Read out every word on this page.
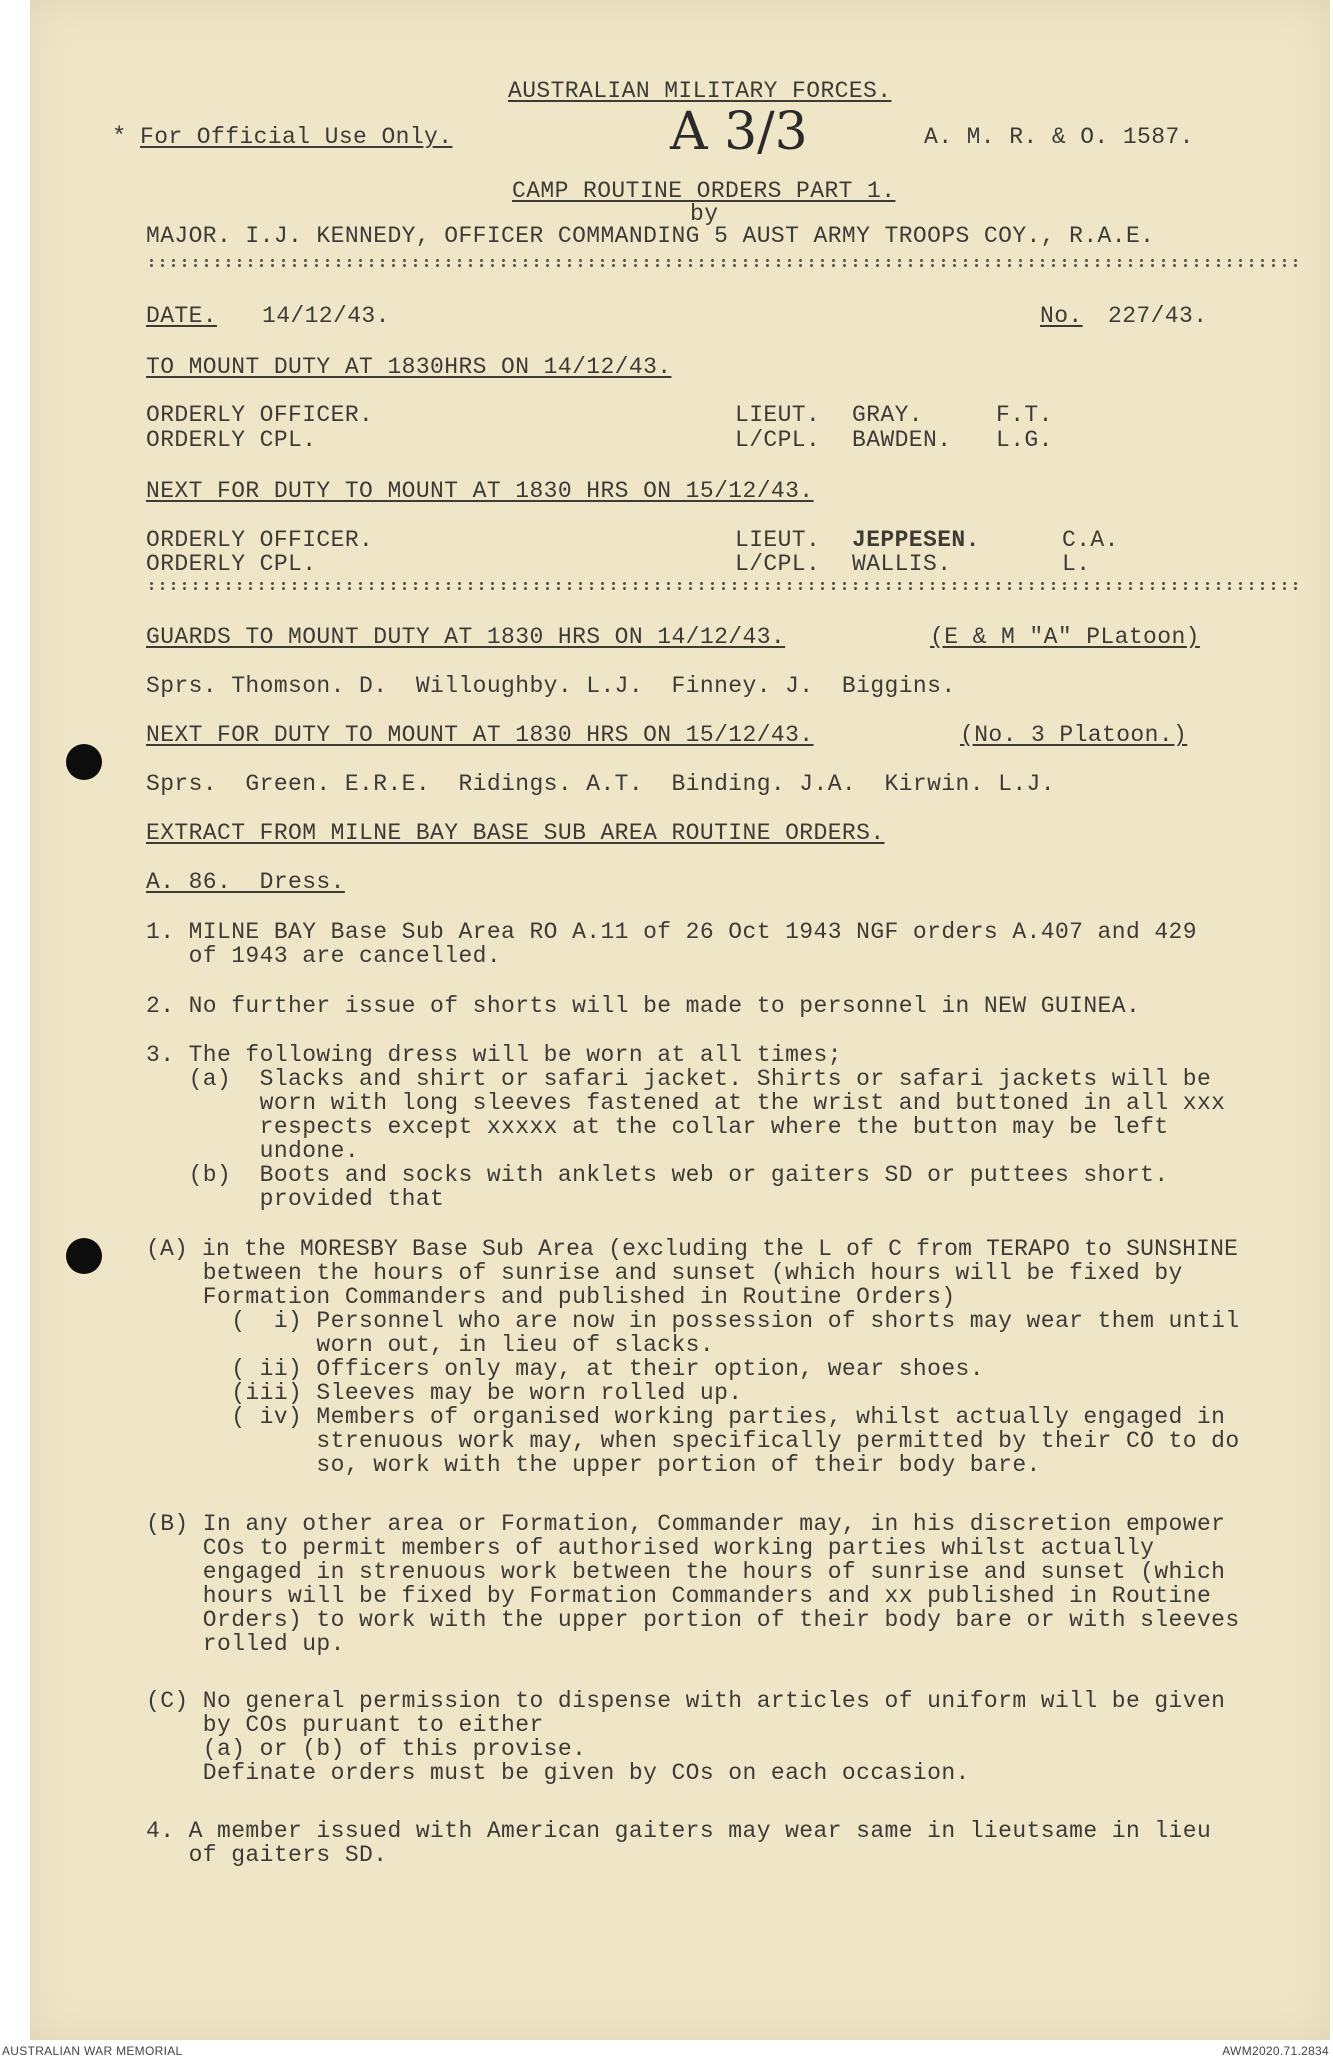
AUSTRALIAN MILITARY FORCES.
* For Official Use Only.	A 3/3	A. M. R. & O. 1587.
CAMP ROUTINE ORDERS PART 1.
by
MAJOR. I.J. KENNEDY, OFFICER COMMANDING 5 AUST ARMY TROOPS COY., R.A.E.
DATE. 14/12/43.	No. 227/43.
TO MOUNT DUTY AT 1830HRS ON 14/12/43.
ORDERLY OFFICER.	LIEUT. GRAY.	F.T.
ORDERLY CPL.	L/CPL. BAWDEN. L.G.
NEXT FOR DUTY TO MOUNT AT 1830 HRS ON 15/12/43.
ORDERLY OFFICER.	LIEUT. JEPPESEN.	C.A.
ORDERLY CPL.	L/CPL. WALLIS.	L.
GUARDS TO MOUNT DUTY AT 1830 HRS ON 14/12/43.	(E & M "A" PLatoon)
Sprs. Thomson. D.  Willoughby. L.J.  Finney. J.  Biggins.
NEXT FOR DUTY TO MOUNT AT 1830 HRS ON 15/12/43.	(No. 3 Platoon.)
Sprs.  Green. E.R.E.  Ridings. A.T.  Binding. J.A.  Kirwin. L.J.
EXTRACT FROM MILNE BAY BASE SUB AREA ROUTINE ORDERS.
A. 86.  Dress.
1. MILNE BAY Base Sub Area RO A.11 of 26 Oct 1943 NGF orders A.407 and 429
of 1943 are cancelled.
2. No further issue of shorts will be made to personnel in NEW GUINEA.
3. The following dress will be worn at all times;
(a)  Slacks and shirt or safari jacket. Shirts or safari jackets will be
worn with long sleeves fastened at the wrist and buttoned in all xxx
respects except xxxxx at the collar where the button may be left
undone.
(b)  Boots and socks with anklets web or gaiters SD or puttees short.
provided that
(A) in the MORESBY Base Sub Area (excluding the L of C from TERAPO to SUNSHINE
between the hours of sunrise and sunset (which hours will be fixed by
Formation Commanders and published in Routine Orders)
(  i) Personnel who are now in possession of shorts may wear them until
worn out, in lieu of slacks.
( ii) Officers only may, at their option, wear shoes.
(iii) Sleeves may be worn rolled up.
( iv) Members of organised working parties, whilst actually engaged in
strenuous work may, when specifically permitted by their CO to do
so, work with the upper portion of their body bare.
(B) In any other area or Formation, Commander may, in his discretion empower
COs to permit members of authorised working parties whilst actually
engaged in strenuous work between the hours of sunrise and sunset (which
hours will be fixed by Formation Commanders and xx published in Routine
Orders) to work with the upper portion of their body bare or with sleeves
rolled up.
(C) No general permission to dispense with articles of uniform will be given
by COs puruant to either
(a) or (b) of this provise.
Definate orders must be given by COs on each occasion.
4. A member issued with American gaiters may wear same in lieutsame in lieu
of gaiters SD.
AUSTRALIAN WAR MEMORIAL	AWM2020.71.2834
